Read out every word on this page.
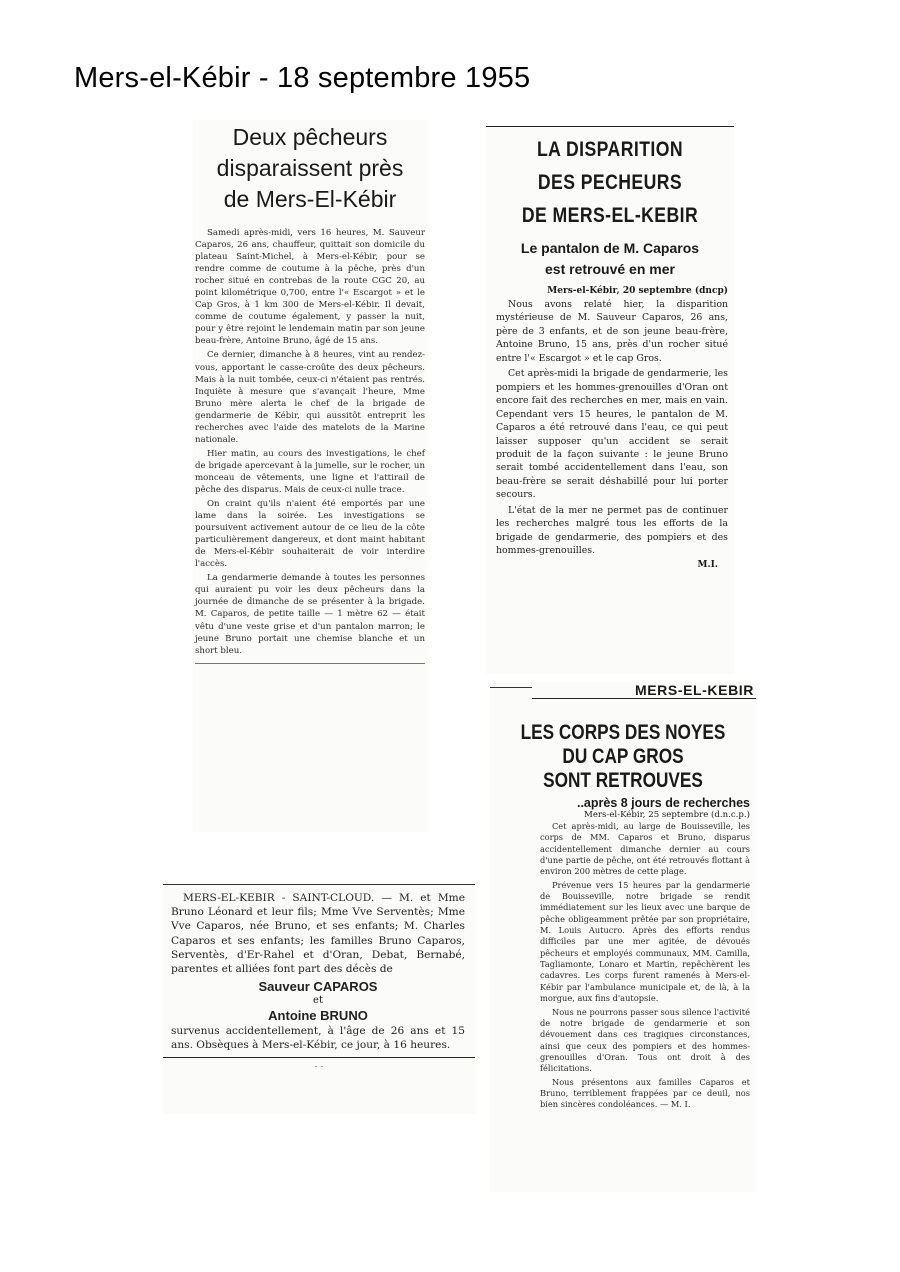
Mers-el-Kébir - 18 septembre 1955
Deux pêcheurs
disparaissent près
de Mers-El-Kébir

Samedi après-midi, vers 16 heures, M. Sauveur Caparos, 26 ans, chauffeur, quittait son domicile du plateau Saint-Michel, à Mers-el-Kébir, pour se rendre comme de coutume à la pêche, près d'un rocher situé en contrebas de la route CGC 20, au point kilométrique 0,700, entre l'« Escargot » et le Cap Gros, à 1 km 300 de Mers-el-Kébir. Il devait, comme de coutume également, y passer la nuit, pour y être rejoint le lendemain matin par son jeune beau-frère, Antoine Bruno, âgé de 15 ans.

Ce dernier, dimanche à 8 heures, vint au rendez-vous, apportant le casse-croûte des deux pêcheurs. Mais à la nuit tombée, ceux-ci n'étaient pas rentrés. Inquiète à mesure que s'avançait l'heure, Mme Bruno mère alerta le chef de la brigade de gendarmerie de Kébir, qui aussitôt entreprit les recherches avec l'aide des matelots de la Marine nationale.

Hier matin, au cours des investigations, le chef de brigade apercevant à la jumelle, sur le rocher, un monceau de vêtements, une ligne et l'attirail de pêche des disparus. Mais de ceux-ci nulle trace.

On craint qu'ils n'aient été emportés par une lame dans la soirée. Les investigations se poursuivent activement autour de ce lieu de la côte particulièrement dangereux, et dont maint habitant de Mers-el-Kébir souhaiterait de voir interdire l'accès.

La gendarmerie demande à toutes les personnes qui auraient pu voir les deux pêcheurs dans la journée de dimanche de se présenter à la brigade. M. Caparos, de petite taille — 1 mètre 62 — était vêtu d'une veste grise et d'un pantalon marron; le jeune Bruno portait une chemise blanche et un short bleu.

LA DISPARITION
DES PECHEURS
DE MERS-EL-KEBIR
Le pantalon de M. Caparos
est retrouvé en mer
Mers-el-Kébir, 20 septembre (dncp)

Nous avons relaté hier, la disparition mystérieuse de M. Sauveur Caparos, 26 ans, père de 3 enfants, et de son jeune beau-frère, Antoine Bruno, 15 ans, près d'un rocher situé entre l'« Escargot » et le cap Gros.

Cet après-midi la brigade de gendarmerie, les pompiers et les hommes-grenouilles d'Oran ont encore fait des recherches en mer, mais en vain. Cependant vers 15 heures, le pantalon de M. Caparos a été retrouvé dans l'eau, ce qui peut laisser supposer qu'un accident se serait produit de la façon suivante : le jeune Bruno serait tombé accidentellement dans l'eau, son beau-frère se serait déshabillé pour lui porter secours.

L'état de la mer ne permet pas de continuer les recherches malgré tous les efforts de la brigade de gendarmerie, des pompiers et des hommes-grenouilles.

M.I.

MERS-EL-KEBIR - SAINT-CLOUD. — M. et Mme Bruno Léonard et leur fils; Mme Vve Serventès; Mme Vve Caparos, née Bruno, et ses enfants; M. Charles Caparos et ses enfants; les familles Bruno Caparos, Serventès, d'Er-Rahel et d'Oran, Debat, Bernabé, parentes et alliées font part des décès de

Sauveur CAPAROS
et
Antoine BRUNO

survenus accidentellement, à l'âge de 26 ans et 15 ans. Obsèques à Mers-el-Kébir, ce jour, à 16 heures.

- -
MERS-EL-KEBIR
LES CORPS DES NOYES
DU CAP GROS
SONT RETROUVES
..après 8 jours de recherches
Mers-el-Kébir, 25 septembre (d.n.c.p.)

Cet après-midi, au large de Bouisseville, les corps de MM. Caparos et Bruno, disparus accidentellement dimanche dernier au cours d'une partie de pêche, ont été retrouvés flottant à environ 200 mètres de cette plage.

Prévenue vers 15 heures par la gendarmerie de Bouisseville, notre brigade se rendit immédiatement sur les lieux avec une barque de pêche obligeamment prêtée par son propriétaire, M. Louis Autucro. Après des efforts rendus difficiles par une mer agitée, de dévoués pêcheurs et employés communaux, MM. Camilla, Tagliamonte, Lonaro et Martin, repêchèrent les cadavres. Les corps furent ramenés à Mers-el-Kébir par l'ambulance municipale et, de là, à la morgue, aux fins d'autopsie.

Nous ne pourrons passer sous silence l'activité de notre brigade de gendarmerie et son dévouement dans ces tragiques circonstances, ainsi que ceux des pompiers et des hommes-grenouilles d'Oran. Tous ont droit à des félicitations.

Nous présentons aux familles Caparos et Bruno, terriblement frappées par ce deuil, nos bien sincères condoléances. — M. I.
